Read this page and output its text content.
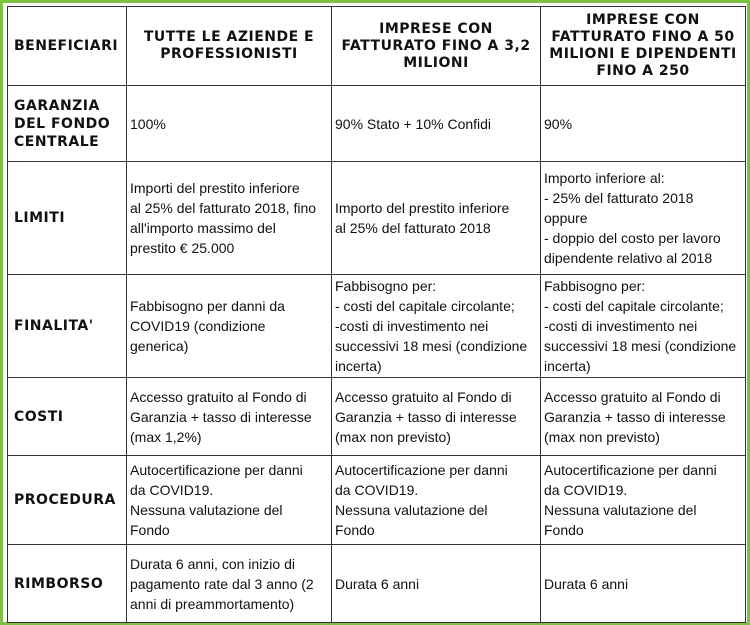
BENEFICIARI	TUTTE LE AZIENDE E
PROFESSIONISTI	IMPRESE CON
FATTURATO FINO A 3,2
MILIONI	IMPRESE CON
FATTURATO FINO A 50
MILIONI E DIPENDENTI
FINO A 250

GARANZIA
DEL FONDO
CENTRALE	100%	90% Stato + 10% Confidi	90%

LIMITI	Importi del prestito inferiore
al 25% del fatturato 2018, fino
all'importo massimo del
prestito € 25.000	Importo del prestito inferiore
al 25% del fatturato 2018	Importo inferiore al:
- 25% del fatturato 2018
oppure
- doppio del costo per lavoro
dipendente relativo al 2018

FINALITA'	Fabbisogno per danni da
COVID19 (condizione
generica)	Fabbisogno per:
- costi del capitale circolante;
-costi di investimento nei
successivi 18 mesi (condizione
incerta)	Fabbisogno per:
- costi del capitale circolante;
-costi di investimento nei
successivi 18 mesi (condizione
incerta)

COSTI	Accesso gratuito al Fondo di
Garanzia + tasso di interesse
(max 1,2%)	Accesso gratuito al Fondo di
Garanzia + tasso di interesse
(max non previsto)	Accesso gratuito al Fondo di
Garanzia + tasso di interesse
(max non previsto)

PROCEDURA	Autocertificazione per danni
da COVID19.
Nessuna valutazione del
Fondo	Autocertificazione per danni
da COVID19.
Nessuna valutazione del
Fondo	Autocertificazione per danni
da COVID19.
Nessuna valutazione del
Fondo

RIMBORSO	Durata 6 anni, con inizio di
pagamento rate dal 3 anno (2
anni di preammortamento)	Durata 6 anni	Durata 6 anni
